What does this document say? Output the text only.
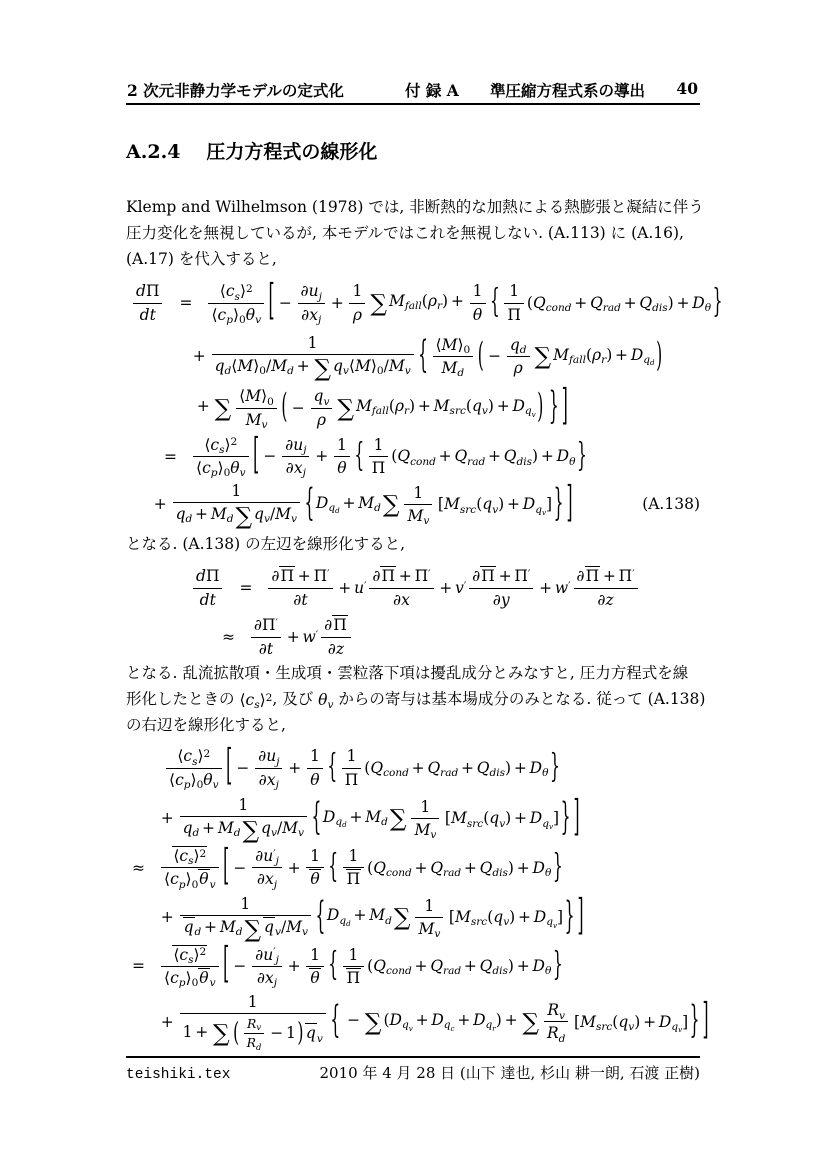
2 次元非静力学モデルの定式化	付 録 A 準圧縮方程式系の導出 40
A.2.4 圧力方程式の線形化
Klemp and Wilhelmson (1978) では, 非断熱的な加熱による熱膨張と凝結に伴う
圧力変化を無視しているが, 本モデルではこれを無視しない. (A.113) に (A.16),
(A.17) を代入すると,
$\frac{d\Pi}{dt} = \frac{⟨c_s⟩^2}{⟨c_p⟩_0\theta_v}$ [ − $\frac{\partial u_j}{\partial x_j} + \frac{1}{\rho}$ ∑ $M_{fall}(\rho_r) + \frac{1}{\theta}$ { $\frac{1}{\Pi} (Q_{cond} + Q_{rad} + Q_{dis}) + D_\theta$ }
+ $\frac{1}{q_d⟨M⟩_0/M_d + \sum q_v⟨M⟩_0/M_v}$ { $\frac{⟨M⟩_0}{M_d}$ ( − $\frac{q_d}{\rho}$ ∑ $M_{fall}(\rho_r) + D_{q_d}$ )
+ ∑ $\frac{⟨M⟩_0}{M_v}$ ( − $\frac{q_v}{\rho}$ ∑ $M_{fall}(\rho_r) + M_{src}(q_v) + D_{q_v}$ ) } ]
= $\frac{⟨c_s⟩^2}{⟨c_p⟩_0\theta_v}$ [ − $\frac{\partial u_j}{\partial x_j} + \frac{1}{\theta}$ { $\frac{1}{\Pi} (Q_{cond} + Q_{rad} + Q_{dis}) + D_\theta$ }
+ $\frac{1}{q_d + M_d\sum q_v/M_v}$ { $D_{q_d} + M_d\sum \frac{1}{M_v} [M_{src}(q_v) + D_{q_v}]$ } ]	(A.138)
となる. (A.138) の左辺を線形化すると,
$\frac{d\Pi}{dt} = \frac{\partial\Pi + \Pi'}{\partial t} + u' \frac{\partial\Pi + \Pi'}{\partial x} + v' \frac{\partial\Pi + \Pi'}{\partial y} + w' \frac{\partial\Pi + \Pi'}{\partial z}$
≈ $\frac{\partial\Pi'}{\partial t} + w' \frac{\partial\Pi}{\partial z}$
となる. 乱流拡散項・生成項・雲粒落下項は擾乱成分とみなすと, 圧力方程式を線
形化したときの $⟨c_s⟩^2$ , 及び $\theta_v$ からの寄与は基本場成分のみとなる. 従って (A.138)
の右辺を線形化すると,
$\frac{⟨c_s⟩^2}{⟨c_p⟩_0\theta_v}$ [ − $\frac{\partial u_j}{\partial x_j} + \frac{1}{\theta}$ { $\frac{1}{\Pi} (Q_{cond} + Q_{rad} + Q_{dis}) + D_\theta$ }
+ $\frac{1}{q_d + M_d\sum q_v/M_v}$ { $D_{q_d} + M_d\sum \frac{1}{M_v} [M_{src}(q_v) + D_{q_v}]$ } ]
≈ $\frac{⟨c_s⟩^2}{⟨c_p⟩_0\theta_v}$ [ − $\frac{\partial u'_j}{\partial x_j} + \frac{1}{\theta}$ { $\frac{1}{\Pi} (Q_{cond} + Q_{rad} + Q_{dis}) + D_\theta$ }
+ $\frac{1}{q_d + M_d\sum q_v/M_v}$ { $D_{q_d} + M_d\sum \frac{1}{M_v} [M_{src}(q_v) + D_{q_v}]$ } ]
= $\frac{⟨c_s⟩^2}{⟨c_p⟩_0\theta_v}$ [ − $\frac{\partial u'_j}{\partial x_j} + \frac{1}{\theta}$ { $\frac{1}{\Pi} (Q_{cond} + Q_{rad} + Q_{dis}) + D_\theta$ }
+ $\frac{1}{1 + \sum ( \frac{R_v}{R_d} - 1 ) q_v}$ { − ∑ $(D_{q_v} + D_{q_c} + D_{q_r})$ + ∑ $\frac{R_v}{R_d} [M_{src}(q_v) + D_{q_v}]$ } ]
teishiki.tex	2010 年 4 月 28 日 (山下 達也, 杉山 耕一朗, 石渡 正樹)
